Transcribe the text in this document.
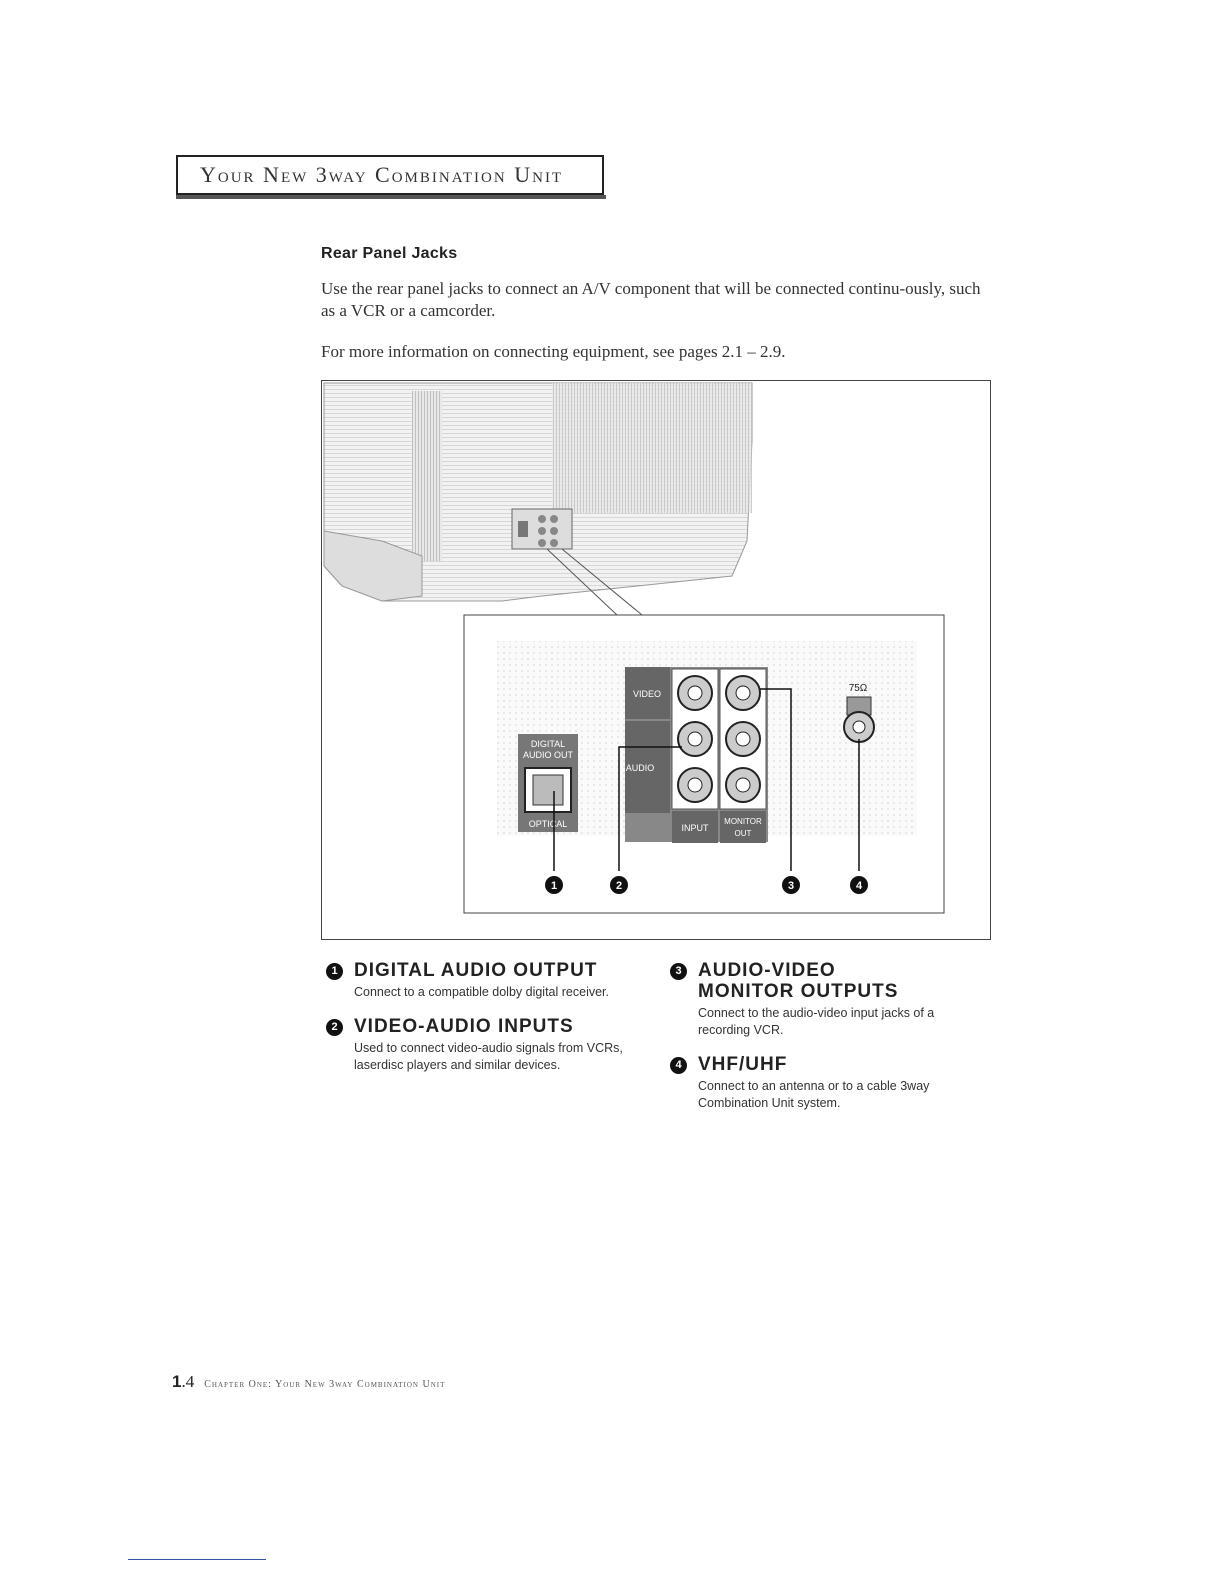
Your New 3way Combination Unit
Rear Panel Jacks
Use the rear panel jacks to connect an A/V component that will be connected continu-ously, such as a VCR or a camcorder.
For more information on connecting equipment, see pages 2.1 – 2.9.
DIGITAL
AUDIO OUT
OPTICAL
VIDEO
AUDIO
INPUT
MONITOR
OUT
75Ω
1	2	3	4
1 DIGITAL AUDIO OUTPUT
Connect to a compatible dolby digital receiver.
2 VIDEO-AUDIO INPUTS
Used to connect video-audio signals from VCRs, laserdisc players and similar devices.
3 AUDIO-VIDEO
MONITOR OUTPUTS
Connect to the audio-video input jacks of a recording VCR.
4 VHF/UHF
Connect to an antenna or to a cable 3way Combination Unit system.
1.4 Chapter One: Your New 3way Combination Unit
